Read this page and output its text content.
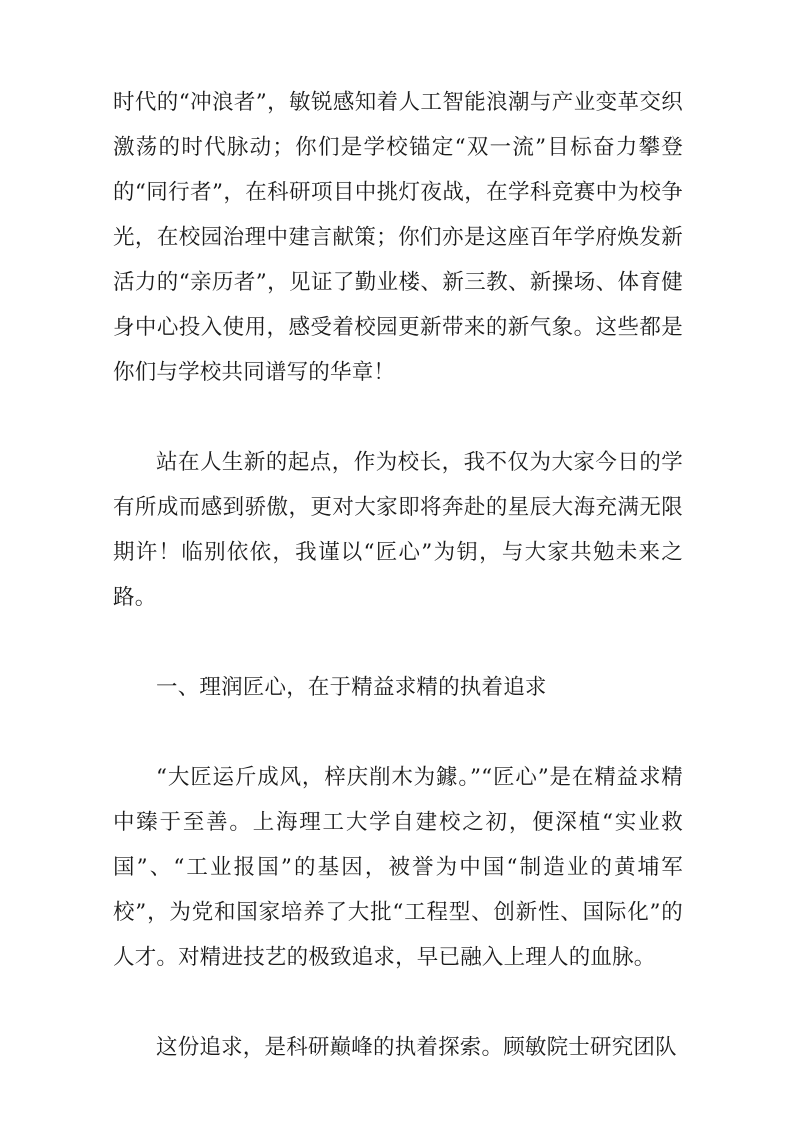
时代的“冲浪者”，敏锐感知着人工智能浪潮与产业变革交织激荡的时代脉动；你们是学校锚定“双一流”目标奋力攀登的“同行者”，在科研项目中挑灯夜战，在学科竞赛中为校争光，在校园治理中建言献策；你们亦是这座百年学府焕发新活力的“亲历者”，见证了勤业楼、新三教、新操场、体育健身中心投入使用，感受着校园更新带来的新气象。这些都是你们与学校共同谱写的华章！

站在人生新的起点，作为校长，我不仅为大家今日的学有所成而感到骄傲，更对大家即将奔赴的星辰大海充满无限期许！临别依依，我谨以“匠心”为钥，与大家共勉未来之路。

一、理润匠心，在于精益求精的执着追求

“大匠运斤成风，梓庆削木为鐻。”“匠心”是在精益求精中臻于至善。上海理工大学自建校之初，便深植“实业救国”、“工业报国”的基因，被誉为中国“制造业的黄埔军校”，为党和国家培养了大批“工程型、创新性、国际化”的人才。对精进技艺的极致追求，早已融入上理人的血脉。

这份追求，是科研巅峰的执着探索。顾敏院士研究团队
